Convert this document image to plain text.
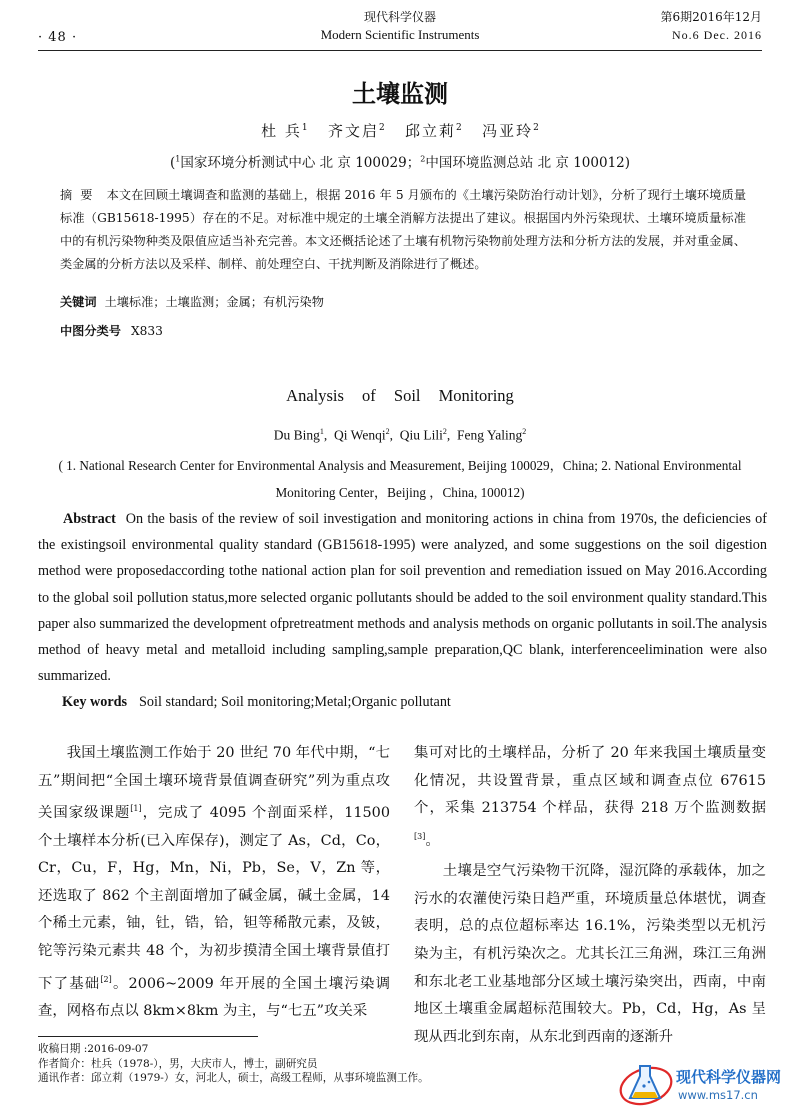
· 48 ·
现代科学仪器
Modern Scientific Instruments
第6期2016年12月
No.6 Dec. 2016
土壤监测
杜 兵$^1$ 齐文启$^2$ 邱立莉$^2$ 冯亚玲$^2$
($^1$国家环境分析测试中心 北 京 100029；$^2$中国环境监测总站 北 京 100012)
摘要 本文在回顾土壤调查和监测的基础上，根据 2016 年 5 月颁布的《土壤污染防治行动计划》，分析了现行土壤环境质量标准（GB15618-1995）存在的不足。对标准中规定的土壤全消解方法提出了建议。根据国内外污染现状、土壤环境质量标准中的有机污染物种类及限值应适当补充完善。本文还概括论述了土壤有机物污染物前处理方法和分析方法的发展，并对重金属、类金属的分析方法以及采样、制样、前处理空白、干扰判断及消除进行了概述。
关键词 土壤标准；土壤监测；金属；有机污染物
中图分类号 X833
Analysis of Soil Monitoring
Du Bing$^1$,  Qi Wenqi$^2$,  Qiu Lili$^2$,  Feng Yaling$^2$
( 1. National Research Center for Environmental Analysis and Measurement, Beijing 100029，China; 2. National Environmental
Monitoring Center，Beijing ，China, 100012)
Abstract On the basis of the review of soil investigation and monitoring actions in china from 1970s, the deficiencies of the existingsoil environmental quality standard (GB15618-1995) were analyzed, and some suggestions on the soil digestion method were proposedaccording tothe national action plan for soil prevention and remediation issued on May 2016.According to the global soil pollution status,more selected organic pollutants should be added to the soil environment quality standard.This paper also summarized the development ofpretreatment methods and analysis methods on organic pollutants in soil.The analysis method of heavy metal and metalloid including sampling,sample preparation,QC blank, interferenceelimination were also summarized.
Key words Soil standard; Soil monitoring;Metal;Organic pollutant

我国土壤监测工作始于 20 世纪 70 年代中期，“七五”期间把“全国土壤环境背景值调查研究”列为重点攻关国家级课题[1]，完成了 4095 个剖面采样，11500 个土壤样本分析(已入库保存)，测定了 As，Cd，Co，Cr，Cu，F，Hg，Mn，Ni，Pb，Se，V，Zn 等，还选取了 862 个主剖面增加了碱金属，碱土金属，14 个稀土元素，铀，钍，锆，铪，钽等稀散元素，及铍，铊等污染元素共 48 个，为初步摸清全国土壤背景值打下了基础[2]。2006~2009 年开展的全国土壤污染调查，网格布点以 8km×8km 为主，与“七五”攻关采

集可对比的土壤样品，分析了 20 年来我国土壤质量变化情况，共设置背景，重点区域和调查点位 67615 个，采集 213754 个样品，获得 218 万个监测数据[3]。

土壤是空气污染物干沉降，湿沉降的承载体，加之污水的农灌使污染日趋严重，环境质量总体堪忧，调查表明，总的点位超标率达 16.1%，污染类型以无机污染为主，有机污染次之。尤其长江三角洲，珠江三角洲和东北老工业基地部分区域土壤污染突出，西南，中南地区土壤重金属超标范围较大。Pb，Cd，Hg，As 呈现从西北到东南，从东北到西南的逐渐升

收稿日期 :2016-09-07
作者简介：杜兵（1978-），男，大庆市人，博士，副研究员
通讯作者：邱立莉（1979-）女，河北人，硕士，高级工程师，从事环境监测工作。	现代科学仪器网
www.ms17.cn
